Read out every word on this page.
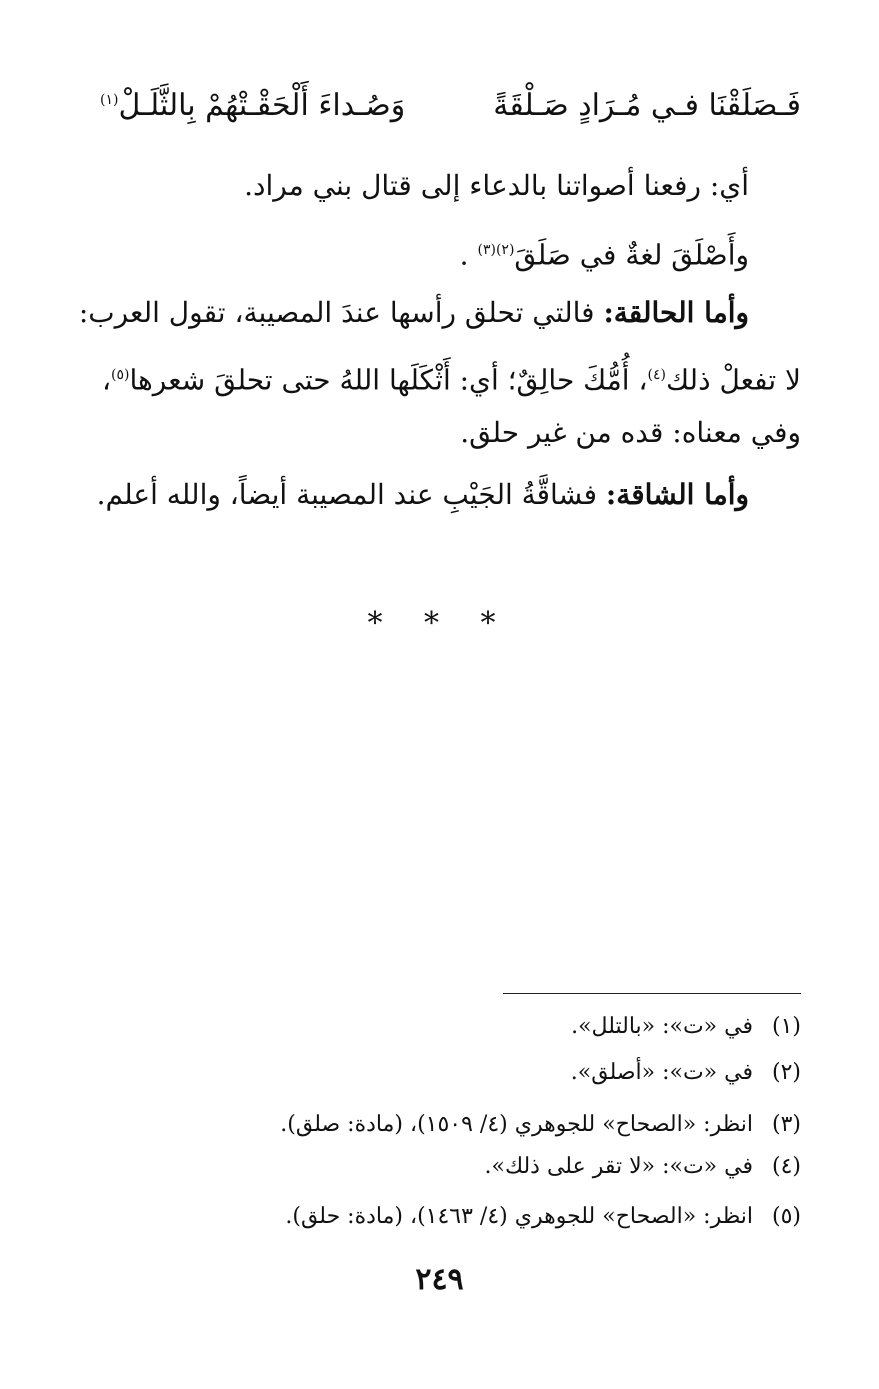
فَـصَلَقْنَا فـي مُـرَادٍ صَـلْقَةً
وَصُـداءَ أَلْحَقْـتْهُمْ بِالثَّلَـلْ$^{(١)}$
أي: رفعنا أصواتنا بالدعاء إلى قتال بني مراد.
وأَصْلَقَ لغةٌ في صَلَقَ$^{(٢)(٣)}$ .
وأما الحالقة: فالتي تحلق رأسها عندَ المصيبة، تقول العرب:
لا تفعلْ ذلك$^{(٤)}$، أُمُّكَ حالِقٌ؛ أي: أَثْكَلَها اللهُ حتى تحلقَ شعرها$^{(٥)}$،
وفي معناه: قده من غير حلق.
وأما الشاقة: فشاقَّةُ الجَيْبِ عند المصيبة أيضاً، والله أعلم.
* * *
(١)في «ت»: «بالتلل».
(٢)في «ت»: «أصلق».
(٣)انظر: «الصحاح» للجوهري (٤/ ١٥٠٩)، (مادة: صلق).
(٤)في «ت»: «لا تقر على ذلك».
(٥)انظر: «الصحاح» للجوهري (٤/ ١٤٦٣)، (مادة: حلق).
٢٤٩
